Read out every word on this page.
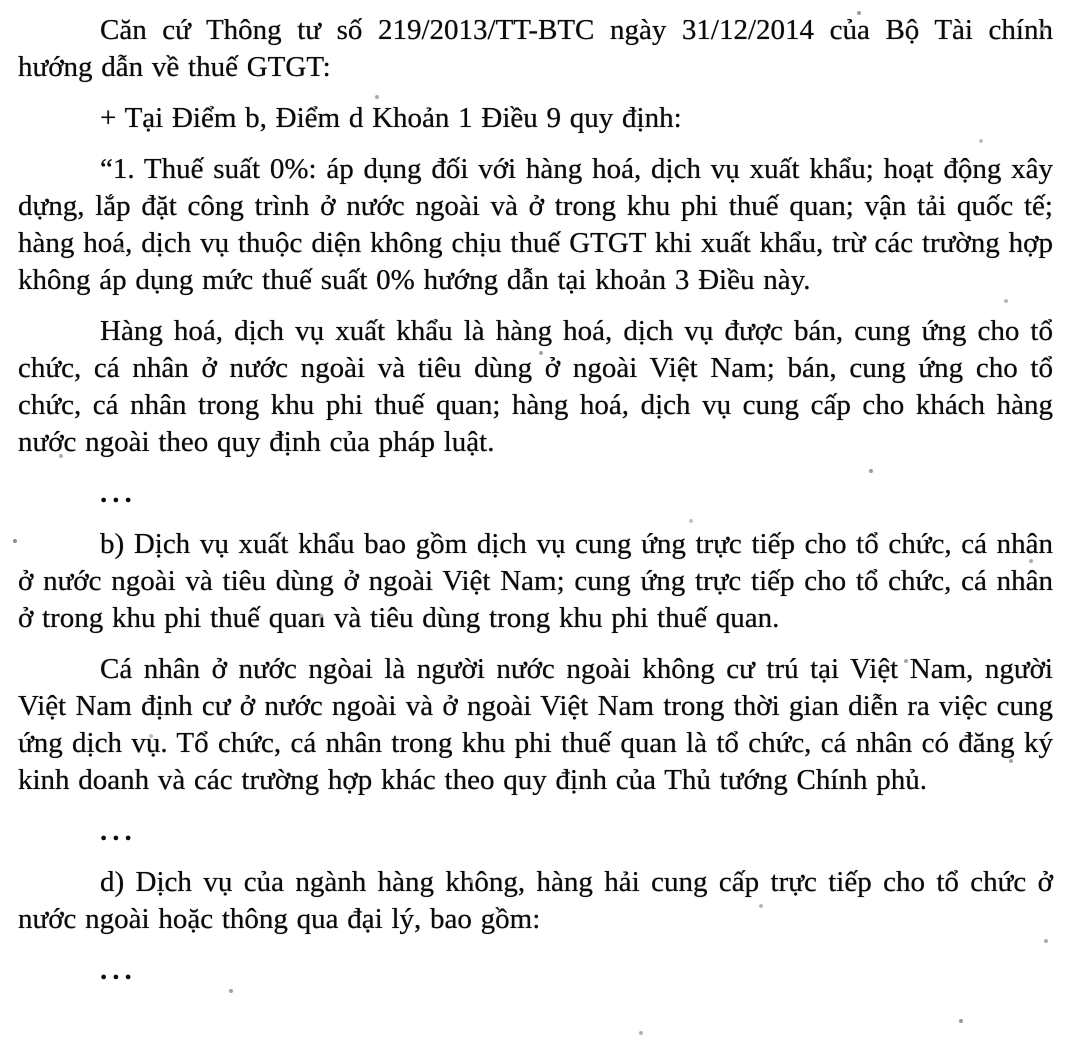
Căn cứ Thông tư số 219/2013/TT-BTC ngày 31/12/2014 của Bộ Tài chính hướng dẫn về thuế GTGT:

+ Tại Điểm b, Điểm d Khoản 1 Điều 9 quy định:

“1. Thuế suất 0%: áp dụng đối với hàng hoá, dịch vụ xuất khẩu; hoạt động xây dựng, lắp đặt công trình ở nước ngoài và ở trong khu phi thuế quan; vận tải quốc tế; hàng hoá, dịch vụ thuộc diện không chịu thuế GTGT khi xuất khẩu, trừ các trường hợp không áp dụng mức thuế suất 0% hướng dẫn tại khoản 3 Điều này.

Hàng hoá, dịch vụ xuất khẩu là hàng hoá, dịch vụ được bán, cung ứng cho tổ chức, cá nhân ở nước ngoài và tiêu dùng ở ngoài Việt Nam; bán, cung ứng cho tổ chức, cá nhân trong khu phi thuế quan; hàng hoá, dịch vụ cung cấp cho khách hàng nước ngoài theo quy định của pháp luật.

...

b) Dịch vụ xuất khẩu bao gồm dịch vụ cung ứng trực tiếp cho tổ chức, cá nhân ở nước ngoài và tiêu dùng ở ngoài Việt Nam; cung ứng trực tiếp cho tổ chức, cá nhân ở trong khu phi thuế quan và tiêu dùng trong khu phi thuế quan.

Cá nhân ở nước ngòai là người nước ngoài không cư trú tại Việt Nam, người Việt Nam định cư ở nước ngoài và ở ngoài Việt Nam trong thời gian diễn ra việc cung ứng dịch vụ. Tổ chức, cá nhân trong khu phi thuế quan là tổ chức, cá nhân có đăng ký kinh doanh và các trường hợp khác theo quy định của Thủ tướng Chính phủ.

...

d) Dịch vụ của ngành hàng không, hàng hải cung cấp trực tiếp cho tổ chức ở nước ngoài hoặc thông qua đại lý, bao gồm:

...
